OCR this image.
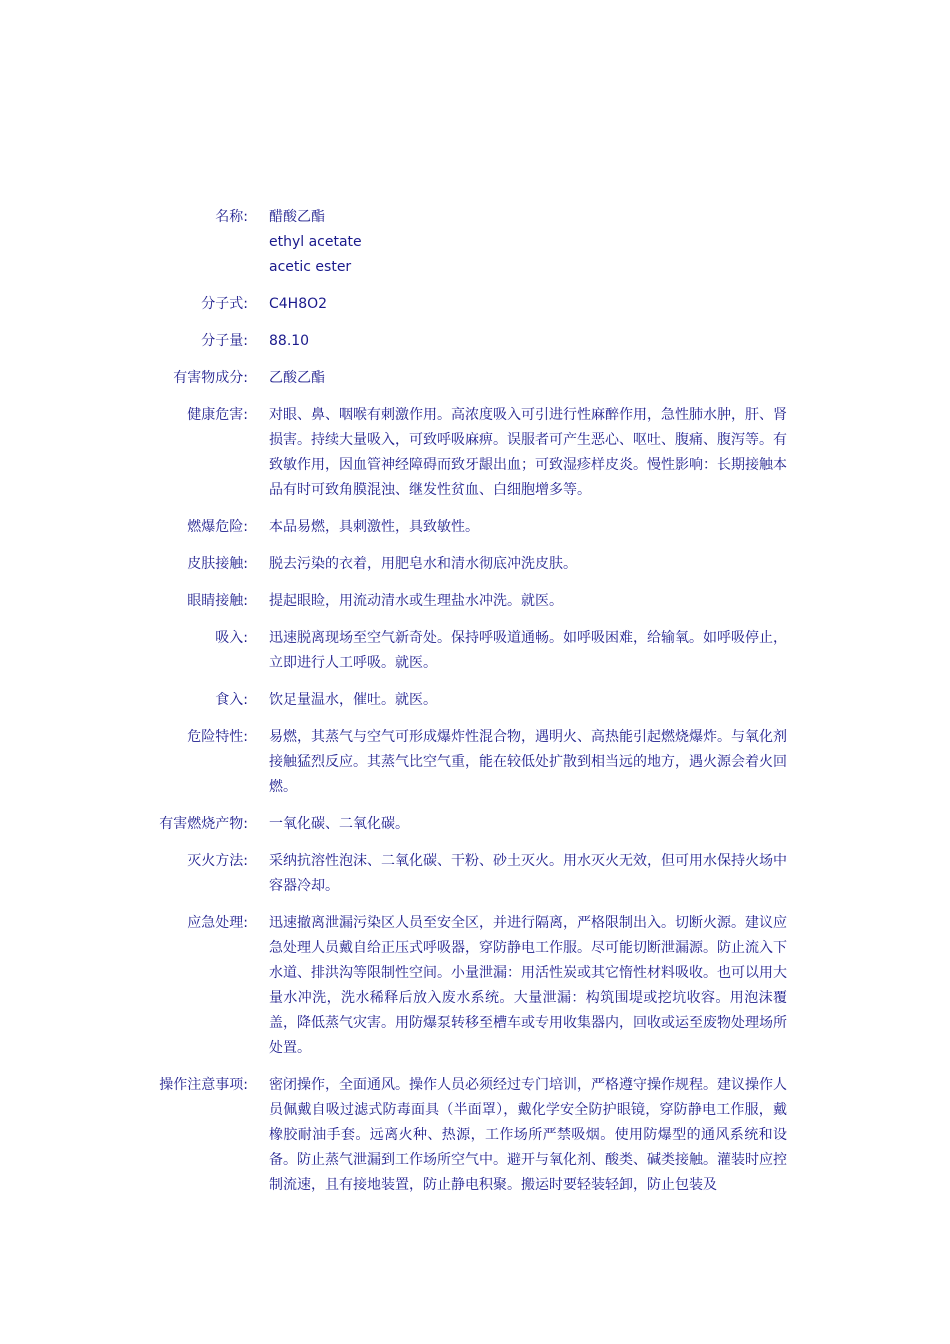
名称: 醋酸乙酯
ethyl acetate
acetic ester
分子式: C4H8O2
分子量: 88.10
有害物成分: 乙酸乙酯
健康危害: 对眼、鼻、咽喉有刺激作用。高浓度吸入可引进行性麻醉作用，急性肺水肿，肝、肾损害。持续大量吸入，可致呼吸麻痹。误服者可产生恶心、呕吐、腹痛、腹泻等。有致敏作用，因血管神经障碍而致牙龈出血；可致湿疹样皮炎。慢性影响：长期接触本品有时可致角膜混浊、继发性贫血、白细胞增多等。
燃爆危险: 本品易燃，具刺激性，具致敏性。
皮肤接触: 脱去污染的衣着，用肥皂水和清水彻底冲洗皮肤。
眼睛接触: 提起眼睑，用流动清水或生理盐水冲洗。就医。
吸入: 迅速脱离现场至空气新奇处。保持呼吸道通畅。如呼吸困难，给输氧。如呼吸停止，立即进行人工呼吸。就医。
食入: 饮足量温水，催吐。就医。
危险特性: 易燃，其蒸气与空气可形成爆炸性混合物，遇明火、高热能引起燃烧爆炸。与氧化剂接触猛烈反应。其蒸气比空气重，能在较低处扩散到相当远的地方，遇火源会着火回燃。
有害燃烧产物: 一氧化碳、二氧化碳。
灭火方法: 采纳抗溶性泡沫、二氧化碳、干粉、砂土灭火。用水灭火无效，但可用水保持火场中容器冷却。
应急处理: 迅速撤离泄漏污染区人员至安全区，并进行隔离，严格限制出入。切断火源。建议应急处理人员戴自给正压式呼吸器，穿防静电工作服。尽可能切断泄漏源。防止流入下水道、排洪沟等限制性空间。小量泄漏：用活性炭或其它惰性材料吸收。也可以用大量水冲洗，洗水稀释后放入废水系统。大量泄漏：构筑围堤或挖坑收容。用泡沫覆盖，降低蒸气灾害。用防爆泵转移至槽车或专用收集器内，回收或运至废物处理场所处置。
操作注意事项: 密闭操作，全面通风。操作人员必须经过专门培训，严格遵守操作规程。建议操作人员佩戴自吸过滤式防毒面具（半面罩），戴化学安全防护眼镜，穿防静电工作服，戴橡胶耐油手套。远离火种、热源，工作场所严禁吸烟。使用防爆型的通风系统和设备。防止蒸气泄漏到工作场所空气中。避开与氧化剂、酸类、碱类接触。灌装时应控制流速，且有接地装置，防止静电积聚。搬运时要轻装轻卸，防止包装及
